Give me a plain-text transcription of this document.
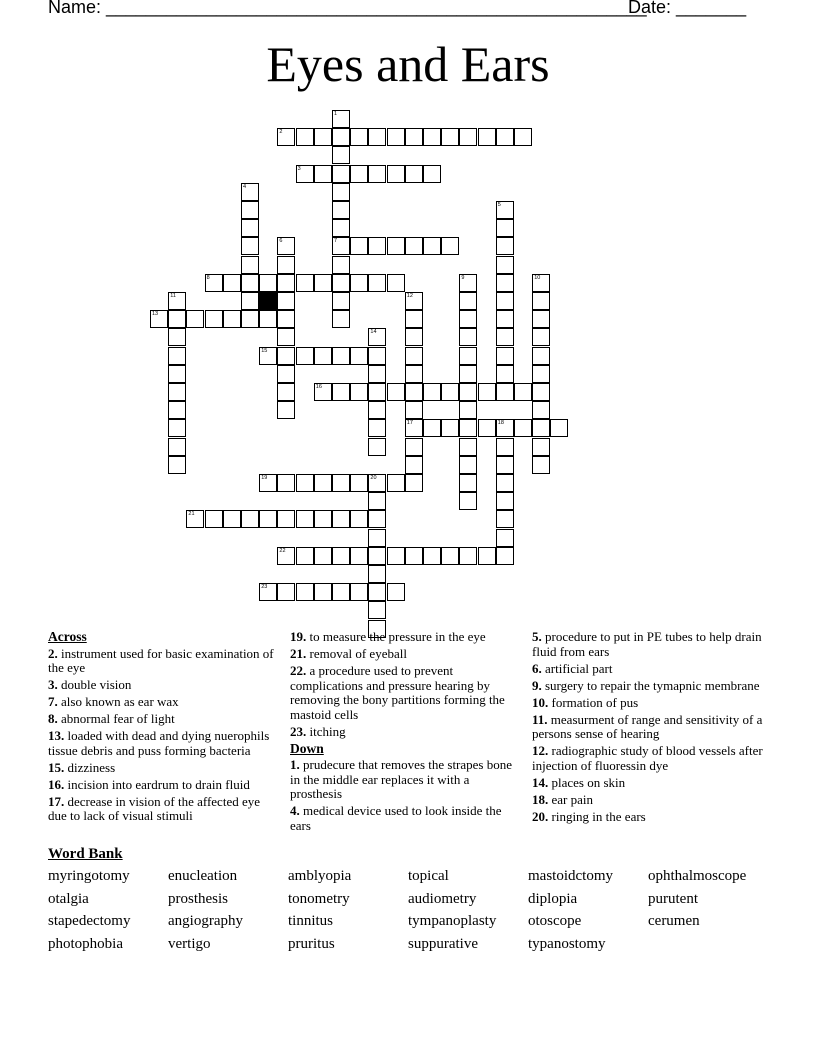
Name: ______________________________________________________
Date: _______
Eyes and Ears
1
7
2
3
4
5
6
8	9	10
11	12
17
13
14
15
16
18
19	20
21
22
23
Across
2. instrument used for basic examination of the eye
3. double vision
7. also known as ear wax
8. abnormal fear of light
13. loaded with dead and dying nuerophils tissue debris and puss forming bacteria
15. dizziness
16. incision into eardrum to drain fluid
17. decrease in vision of the affected eye due to lack of visual stimuli
19. to measure the pressure in the eye
21. removal of eyeball
22. a procedure used to prevent complications and pressure hearing by removing the bony partitions forming the mastoid cells
23. itching
Down
1. prudecure that removes the strapes bone in the middle ear replaces it with a prosthesis
4. medical device used to look inside the ears
5. procedure to put in PE tubes to help drain fluid from ears
6. artificial part
9. surgery to repair the tymapnic membrane
10. formation of pus
11. measurment of range and sensitivity of a persons sense of hearing
12. radiographic study of blood vessels after injection of fluoressin dye
14. places on skin
18. ear pain
20. ringing in the ears
Word Bank
myringotomy	enucleation	amblyopia	topical	mastoidctomy ophthalmoscope
otalgia	prosthesis	tonometry	audiometry	diplopia	purutent
stapedectomy	angiography	tinnitus	tympanoplasty otoscope	cerumen
photophobia	vertigo	pruritus	suppurative	typanostomy
